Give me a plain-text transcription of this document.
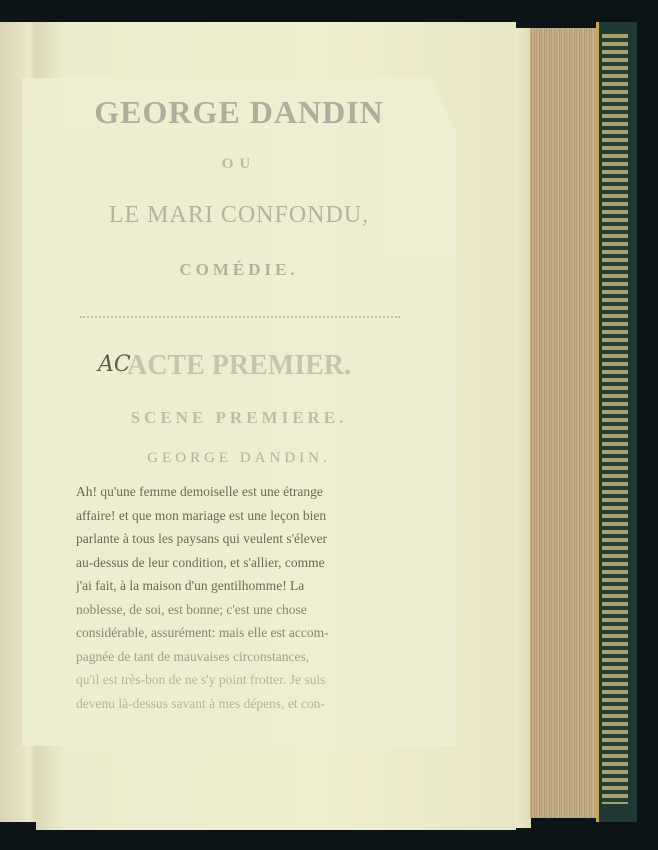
GEORGE DANDIN
OU
LE MARI CONFONDU,
COMÉDIE.
ACTE PREMIER.
AC
SCENE PREMIERE.
GEORGE DANDIN.
Ah! qu'une femme demoiselle est une étrange
affaire! et que mon mariage est une leçon bien
parlante à tous les paysans qui veulent s'élever
au-dessus de leur condition, et s'allier, comme
j'ai fait, à la maison d'un gentilhomme! La
noblesse, de soi, est bonne; c'est une chose
considérable, assurément: mais elle est accom-
pagnée de tant de mauvaises circonstances,
qu'il est très-bon de ne s'y point frotter. Je suis
devenu là-dessus savant à mes dépens, et con-
